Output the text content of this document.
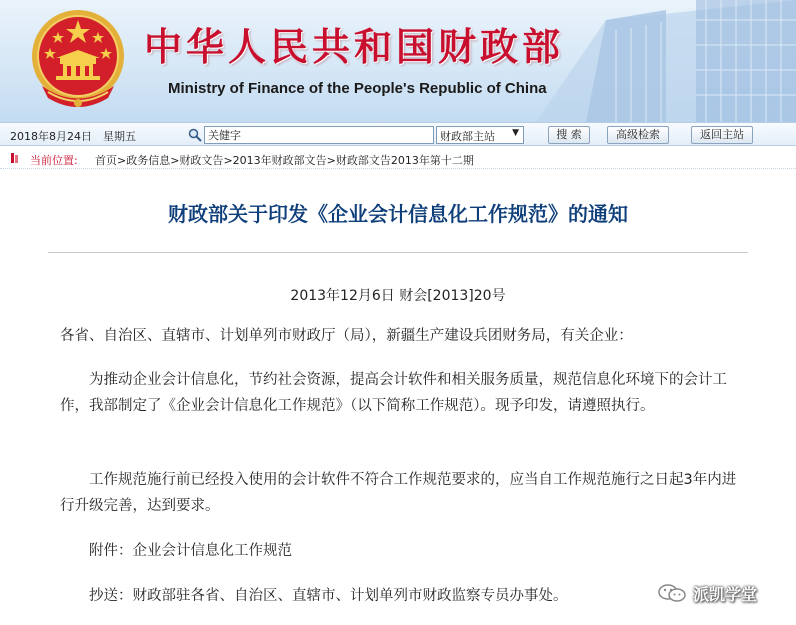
中华人民共和国财政部
Ministry of Finance of the People's Republic of China
2018年8月24日 星期五
关健字	财政部主站 ▼	搜 索	高级检索	返回主站
当前位置: 首页>政务信息>财政文告>2013年财政部文告>财政部文告2013年第十二期
财政部关于印发《企业会计信息化工作规范》的通知
2013年12月6日 财会[2013]20号
各省、自治区、直辖市、计划单列市财政厅（局），新疆生产建设兵团财务局，有关企业：
为推动企业会计信息化，节约社会资源，提高会计软件和相关服务质量，规范信息化环境下的会计工作，我部制定了《企业会计信息化工作规范》（以下简称工作规范）。现予印发，请遵照执行。
工作规范施行前已经投入使用的会计软件不符合工作规范要求的，应当自工作规范施行之日起3年内进行升级完善，达到要求。
附件：企业会计信息化工作规范
抄送：财政部驻各省、自治区、直辖市、计划单列市财政监察专员办事处。	派凯学堂
